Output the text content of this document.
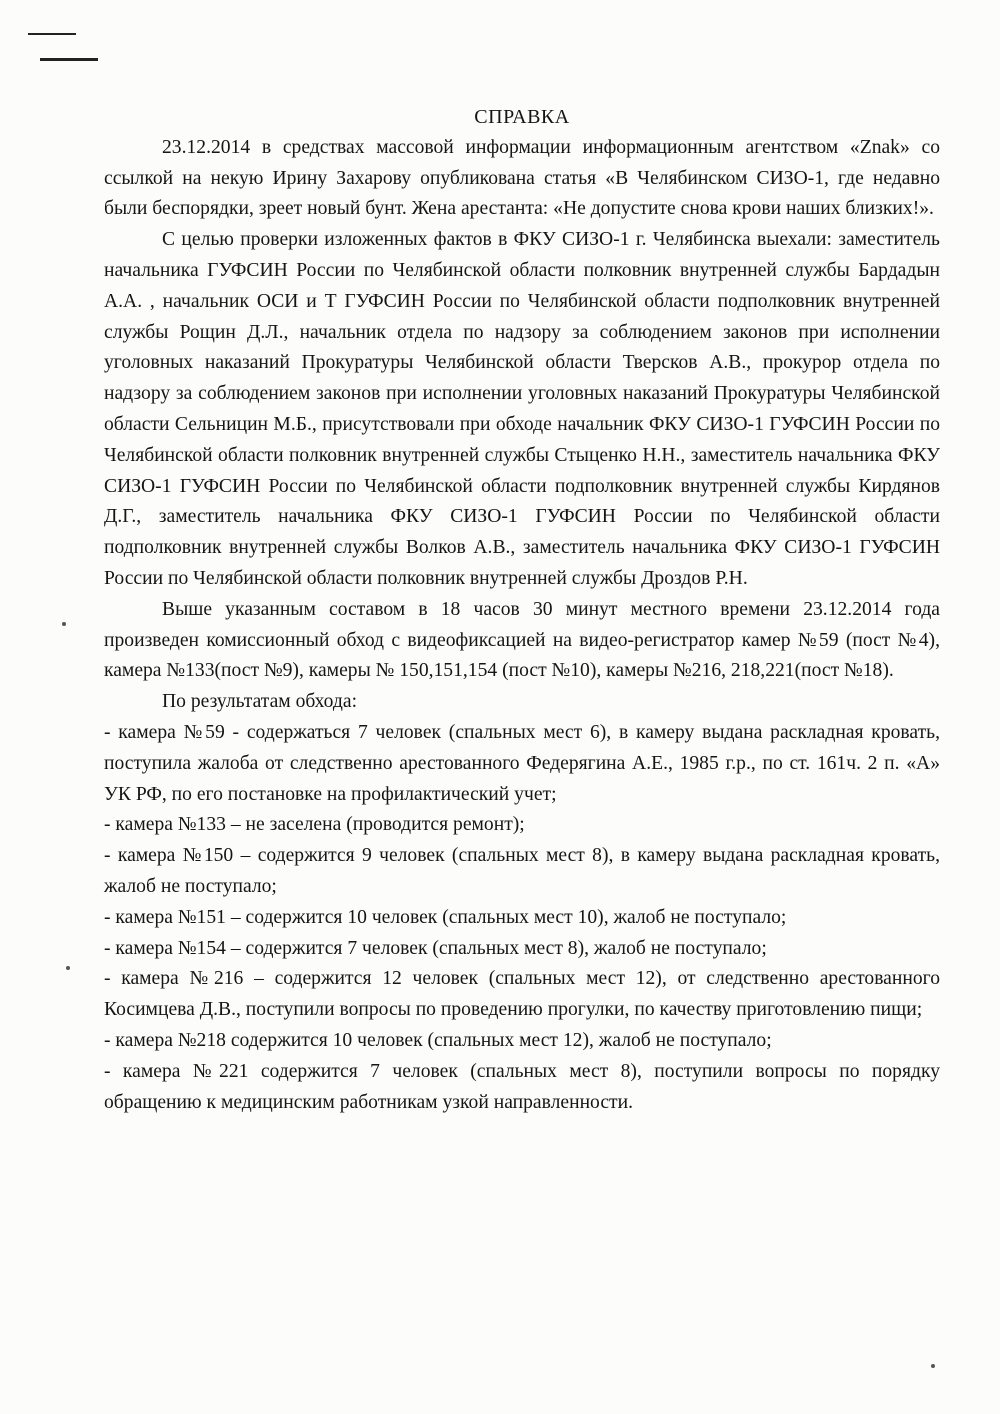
СПРАВКА

23.12.2014 в средствах массовой информации информационным агентством «Znak» со ссылкой на некую Ирину Захарову опубликована статья «В Челябинском СИЗО-1, где недавно были беспорядки, зреет новый бунт. Жена арестанта: «Не допустите снова крови наших близких!».

С целью проверки изложенных фактов в ФКУ СИЗО-1 г. Челябинска выехали: заместитель начальника ГУФСИН России по Челябинской области полковник внутренней службы Бардадын А.А. , начальник ОСИ и Т ГУФСИН России по Челябинской области подполковник внутренней службы Рощин Д.Л., начальник отдела по надзору за соблюдением законов при исполнении уголовных наказаний Прокуратуры Челябинской области Тверсков А.В., прокурор отдела по надзору за соблюдением законов при исполнении уголовных наказаний Прокуратуры Челябинской области Сельницин М.Б., присутствовали при обходе начальник ФКУ СИЗО-1 ГУФСИН России по Челябинской области полковник внутренней службы Стыценко Н.Н., заместитель начальника ФКУ СИЗО-1 ГУФСИН России по Челябинской области подполковник внутренней службы Кирдянов Д.Г., заместитель начальника ФКУ СИЗО-1 ГУФСИН России по Челябинской области подполковник внутренней службы Волков А.В., заместитель начальника ФКУ СИЗО-1 ГУФСИН России по Челябинской области полковник внутренней службы Дроздов Р.Н.

Выше указанным составом в 18 часов 30 минут местного времени 23.12.2014 года произведен комиссионный обход с видеофиксацией на видео-регистратор камер №59 (пост №4), камера №133(пост №9), камеры № 150,151,154 (пост №10), камеры №216, 218,221(пост №18).

По результатам обхода:

- камера №59 - содержаться 7 человек (спальных мест 6), в камеру выдана раскладная кровать, поступила жалоба от следственно арестованного Федерягина А.Е., 1985 г.р., по ст. 161ч. 2 п. «А» УК РФ, по его постановке на профилактический учет;

- камера №133 – не заселена (проводится ремонт);

- камера №150 – содержится 9 человек (спальных мест 8), в камеру выдана раскладная кровать, жалоб не поступало;

- камера №151 – содержится 10 человек (спальных мест 10), жалоб не поступало;

- камера №154 – содержится 7 человек (спальных мест 8), жалоб не поступало;

- камера №216 – содержится 12 человек (спальных мест 12), от следственно арестованного Косимцева Д.В., поступили вопросы по проведению прогулки, по качеству приготовлению пищи;

- камера №218 содержится 10 человек (спальных мест 12), жалоб не поступало;

- камера №221 содержится 7 человек (спальных мест 8), поступили вопросы по порядку обращению к медицинским работникам узкой направленности.
